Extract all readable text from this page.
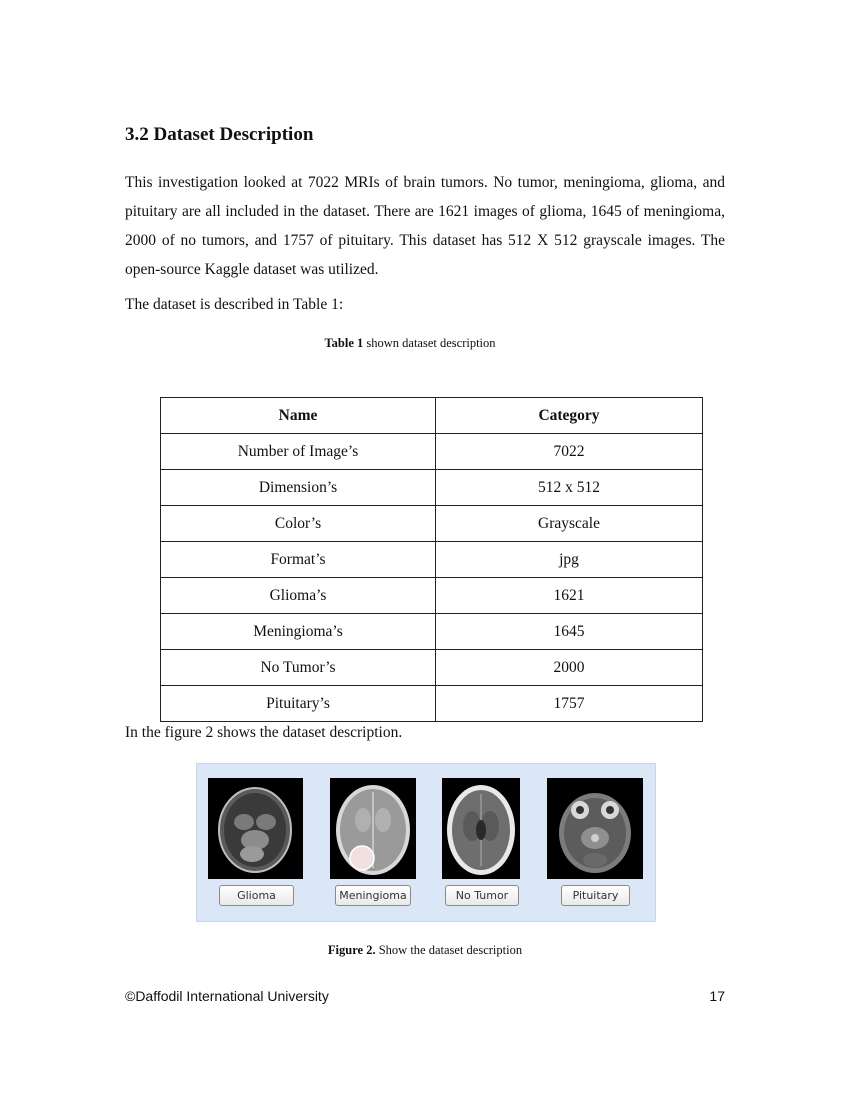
3.2 Dataset Description

This investigation looked at 7022 MRIs of brain tumors. No tumor, meningioma, glioma, and pituitary are all included in the dataset. There are 1621 images of glioma, 1645 of meningioma, 2000 of no tumors, and 1757 of pituitary. This dataset has 512 X 512 grayscale images. The open-source Kaggle dataset was utilized.

The dataset is described in Table 1:
Table 1 shown dataset description
Name	Category
Number of Image’s	7022
Dimension’s	512 x 512
Color’s	Grayscale
Format’s	jpg
Glioma’s	1621
Meningioma’s	1645
No Tumor’s	2000
Pituitary’s	1757
In the figure 2 shows the dataset description.
Glioma	Meningioma	No Tumor	Pituitary
Figure 2. Show the dataset description
©Daffodil International University	17
